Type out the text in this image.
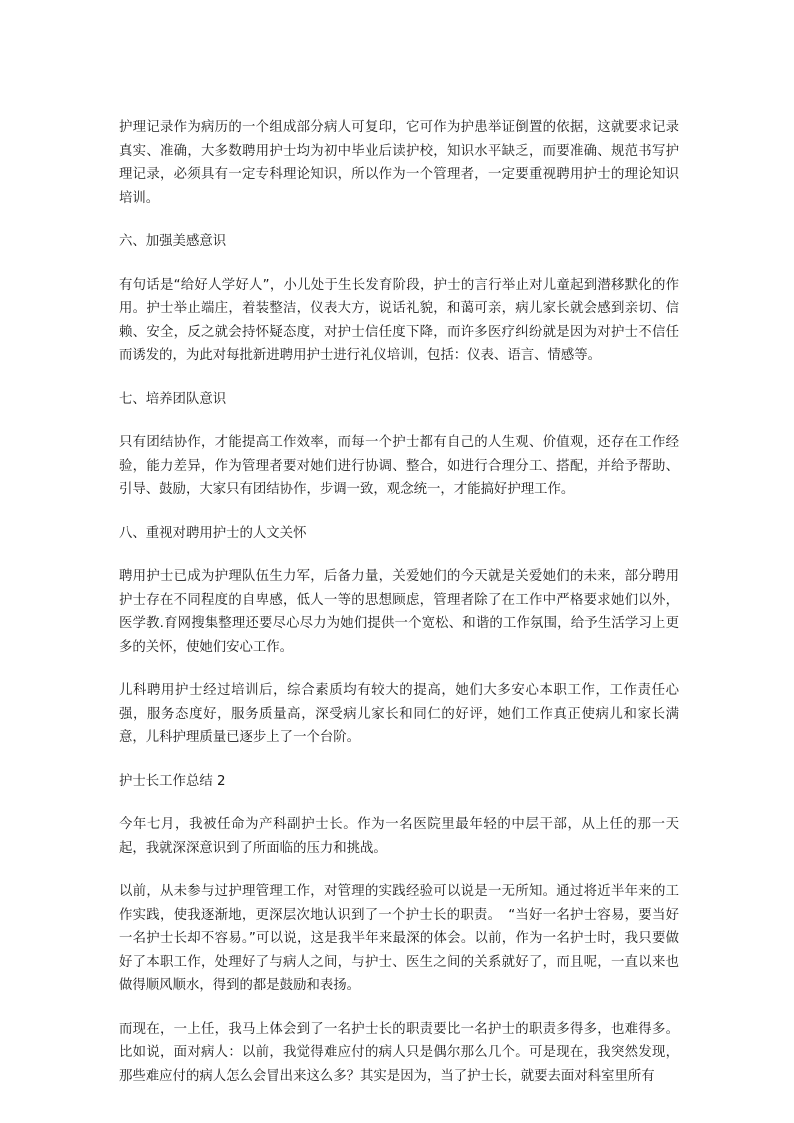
护理记录作为病历的一个组成部分病人可复印，它可作为护患举证倒置的依据，这就要求记录真实、准确，大多数聘用护士均为初中毕业后读护校，知识水平缺乏，而要准确、规范书写护理记录，必须具有一定专科理论知识，所以作为一个管理者，一定要重视聘用护士的理论知识培训。

六、加强美感意识

有句话是“给好人学好人”，小儿处于生长发育阶段，护士的言行举止对儿童起到潜移默化的作用。护士举止端庄，着装整洁，仪表大方，说话礼貌，和蔼可亲，病儿家长就会感到亲切、信赖、安全，反之就会持怀疑态度，对护士信任度下降，而许多医疗纠纷就是因为对护士不信任而诱发的，为此对每批新进聘用护士进行礼仪培训，包括：仪表、语言、情感等。

七、培养团队意识

只有团结协作，才能提高工作效率，而每一个护士都有自己的人生观、价值观，还存在工作经验，能力差异，作为管理者要对她们进行协调、整合，如进行合理分工、搭配，并给予帮助、引导、鼓励，大家只有团结协作，步调一致，观念统一，才能搞好护理工作。

八、重视对聘用护士的人文关怀

聘用护士已成为护理队伍生力军，后备力量，关爱她们的今天就是关爱她们的未来，部分聘用护士存在不同程度的自卑感，低人一等的思想顾虑，管理者除了在工作中严格要求她们以外，医学教.育网搜集整理还要尽心尽力为她们提供一个宽松、和谐的工作氛围，给予生活学习上更多的关怀，使她们安心工作。

儿科聘用护士经过培训后，综合素质均有较大的提高，她们大多安心本职工作，工作责任心强，服务态度好，服务质量高，深受病儿家长和同仁的好评，她们工作真正使病儿和家长满意，儿科护理质量已逐步上了一个台阶。

护士长工作总结 2

今年七月，我被任命为产科副护士长。作为一名医院里最年轻的中层干部，从上任的那一天起，我就深深意识到了所面临的压力和挑战。

以前，从未参与过护理管理工作，对管理的实践经验可以说是一无所知。通过将近半年来的工作实践，使我逐渐地，更深层次地认识到了一个护士长的职责。　“当好一名护士容易，要当好一名护士长却不容易。”可以说，这是我半年来最深的体会。以前，作为一名护士时，我只要做好了本职工作，处理好了与病人之间，与护士、医生之间的关系就好了，而且呢，一直以来也做得顺风顺水，得到的都是鼓励和表扬。

而现在，一上任，我马上体会到了一名护士长的职责要比一名护士的职责多得多，也难得多。比如说，面对病人：以前，我觉得难应付的病人只是偶尔那么几个。可是现在，我突然发现，那些难应付的病人怎么会冒出来这么多？其实是因为，当了护士长，就要去面对科室里所有
